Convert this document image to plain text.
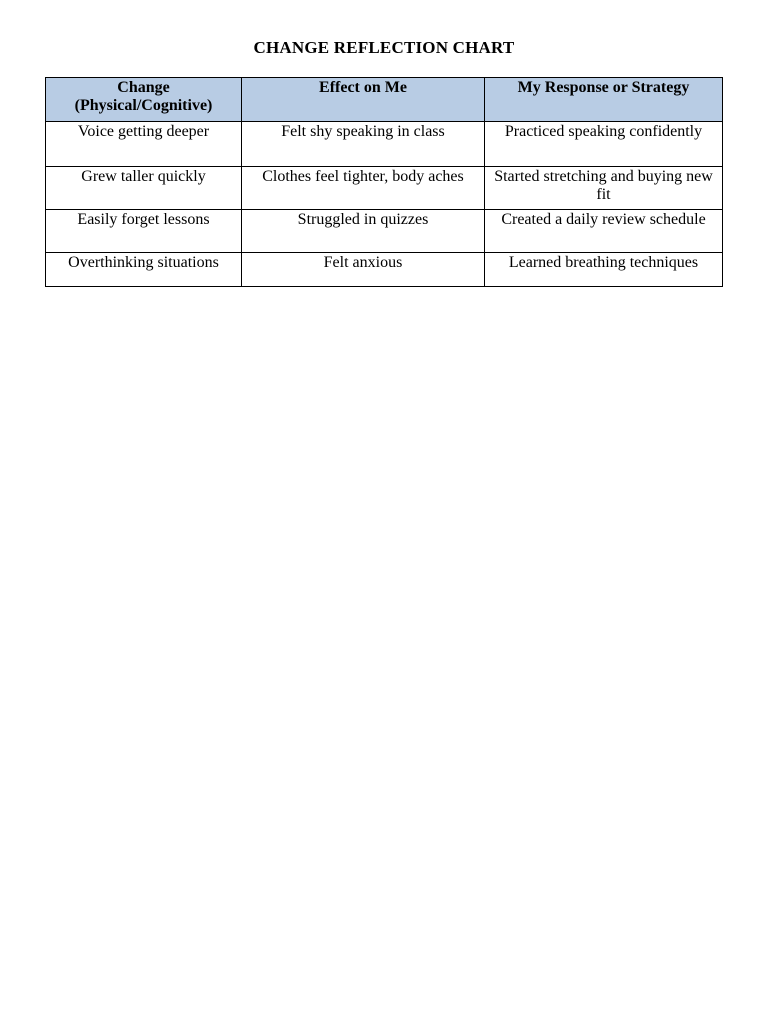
CHANGE REFLECTION CHART
Change
(Physical/Cognitive)	Effect on Me	My Response or Strategy

Voice getting deeper	Felt shy speaking in class	Practiced speaking confidently
Grew taller quickly	Clothes feel tighter, body aches	Started stretching and buying new fit
Easily forget lessons	Struggled in quizzes	Created a daily review schedule
Overthinking situations	Felt anxious	Learned breathing techniques
